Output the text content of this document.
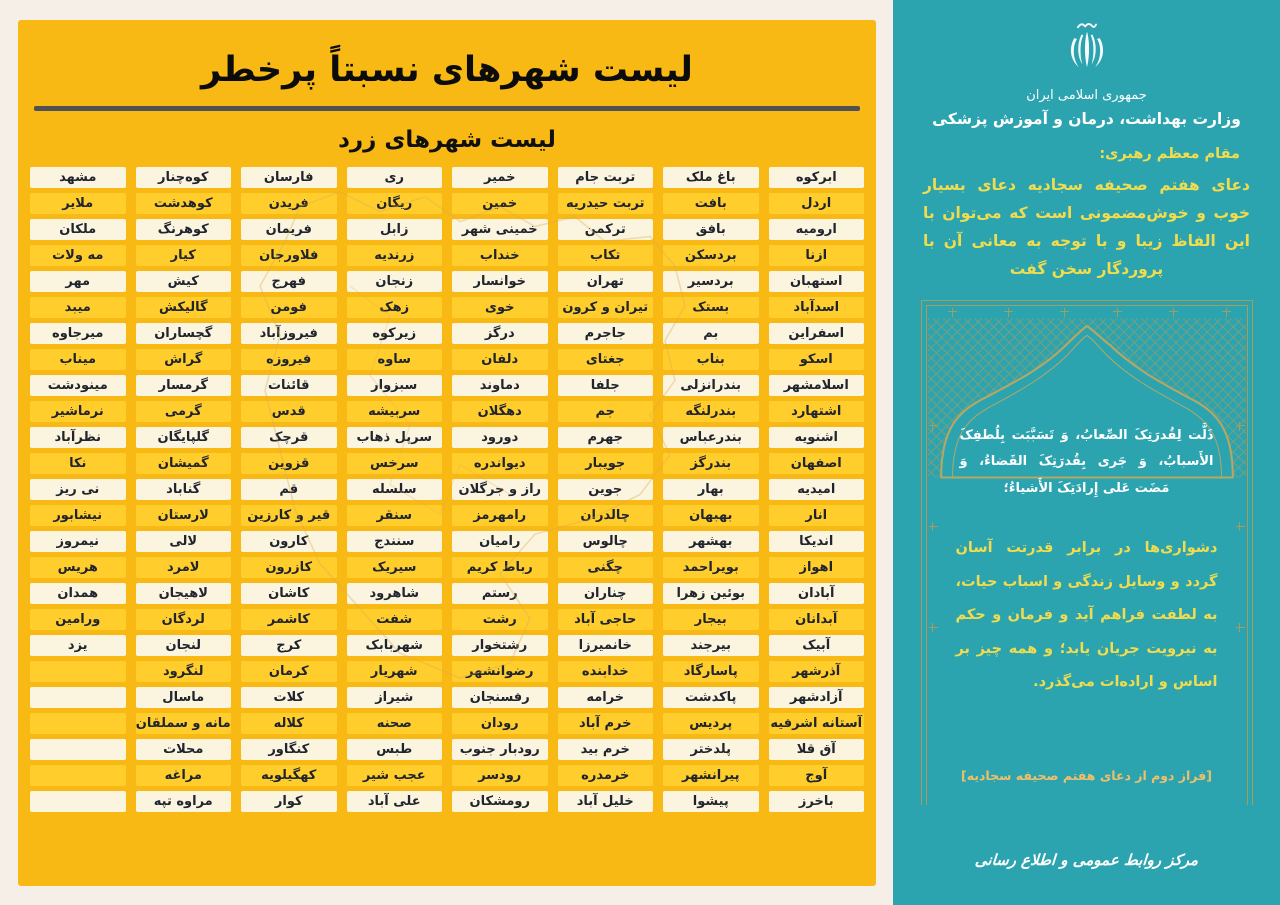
لیست شهرهای نسبتاً پرخطر
لیست شهرهای زرد
ابرکوه
باغ ملک
تربت جام
خمیر
ری
فارسان
کوه‌چنار
مشهد
اردل
بافت
تربت حیدریه
خمین
ریگان
فریدن
کوهدشت
ملایر
ارومیه
بافق
ترکمن
خمینی شهر
زابل
فریمان
کوهرنگ
ملکان
ازنا
بردسکن
تکاب
خنداب
زرندیه
فلاورجان
کیار
مه ولات
استهبان
بردسیر
تهران
خوانسار
زنجان
فهرج
کیش
مهر
اسدآباد
بستک
تیران و کرون
خوی
زهک
فومن
گالیکش
میبد
اسفراین
بم
جاجرم
درگز
زیرکوه
فیروزآباد
گچساران
میرجاوه
اسکو
بناب
جغتای
دلفان
ساوه
فیروزه
گراش
میناب
اسلامشهر
بندرانزلی
جلفا
دماوند
سبزوار
قائنات
گرمسار
مینودشت
اشتهارد
بندرلنگه
جم
دهگلان
سربیشه
قدس
گرمی
نرماشیر
اشنویه
بندرعباس
جهرم
دورود
سرپل ذهاب
قرچک
گلپایگان
نظرآباد
اصفهان
بندرگز
جویبار
دیواندره
سرخس
قزوین
گمیشان
نکا
امیدیه
بهار
جوین
راز و جرگلان
سلسله
قم
گناباد
نی ریز
انار
بهبهان
چالدران
رامهرمز
سنقر
قیر و کارزین
لارستان
نیشابور
اندیکا
بهشهر
چالوس
رامیان
سنندج
کارون
لالی
نیمروز
اهواز
بویراحمد
چگنی
رباط کریم
سیریک
کازرون
لامرد
هریس
آبادان
بوئین زهرا
چناران
رستم
شاهرود
کاشان
لاهیجان
همدان
آبدانان
بیجار
حاجی آباد
رشت
شفت
کاشمر
لردگان
ورامین
آبیک
بیرجند
خانمیرزا
رشتخوار
شهربابک
کرج
لنجان
یزد
آذرشهر
پاسارگاد
خدابنده
رضوانشهر
شهریار
کرمان
لنگرود
آزادشهر
پاکدشت
خرامه
رفسنجان
شیراز
کلات
ماسال
آستانه اشرفیه
پردیس
خرم آباد
رودان
صحنه
کلاله
مانه و سملقان
آق قلا
پلدختر
خرم بید
رودبار جنوب
طبس
کنگاور
محلات
آوج
پیرانشهر
خرمدره
رودسر
عجب شیر
کهگیلویه
مراغه
باخرز
پیشوا
خلیل آباد
رومشکان
علی آباد
کوار
مراوه تپه
جمهوری اسلامی ایران
وزارت بهداشت، درمان و آموزش پزشکی
مقام معظم رهبری:
دعای هفتم صحیفه سجادیه دعای بسیار خوب و خوش‌مضمونی است که می‌توان با این الفاظ زیبا و با توجه به معانی آن با پروردگار سخن گفت
ذَلَّت لِقُدرَتِکَ الصِّعابُ، وَ تَسَبَّبَت بِلُطفِکَ الأَسبابُ، وَ جَری بِقُدرَتِکَ القَضاءُ، وَ مَضَت عَلی إِرادَتِکَ الأَشیاءُ؛
دشواری‌ها در برابر قدرتت آسان گردد و وسایل زندگی و اسباب حیات، به لطفت فراهم آید و فرمان و حکم به نیرویت جریان یابد؛ و همه چیز بر اساس و اراده‌ات می‌گذرد.
[فراز دوم از دعای هفتم صحیفه سجادیه]
مرکز روابط عمومی و اطلاع رسانی
